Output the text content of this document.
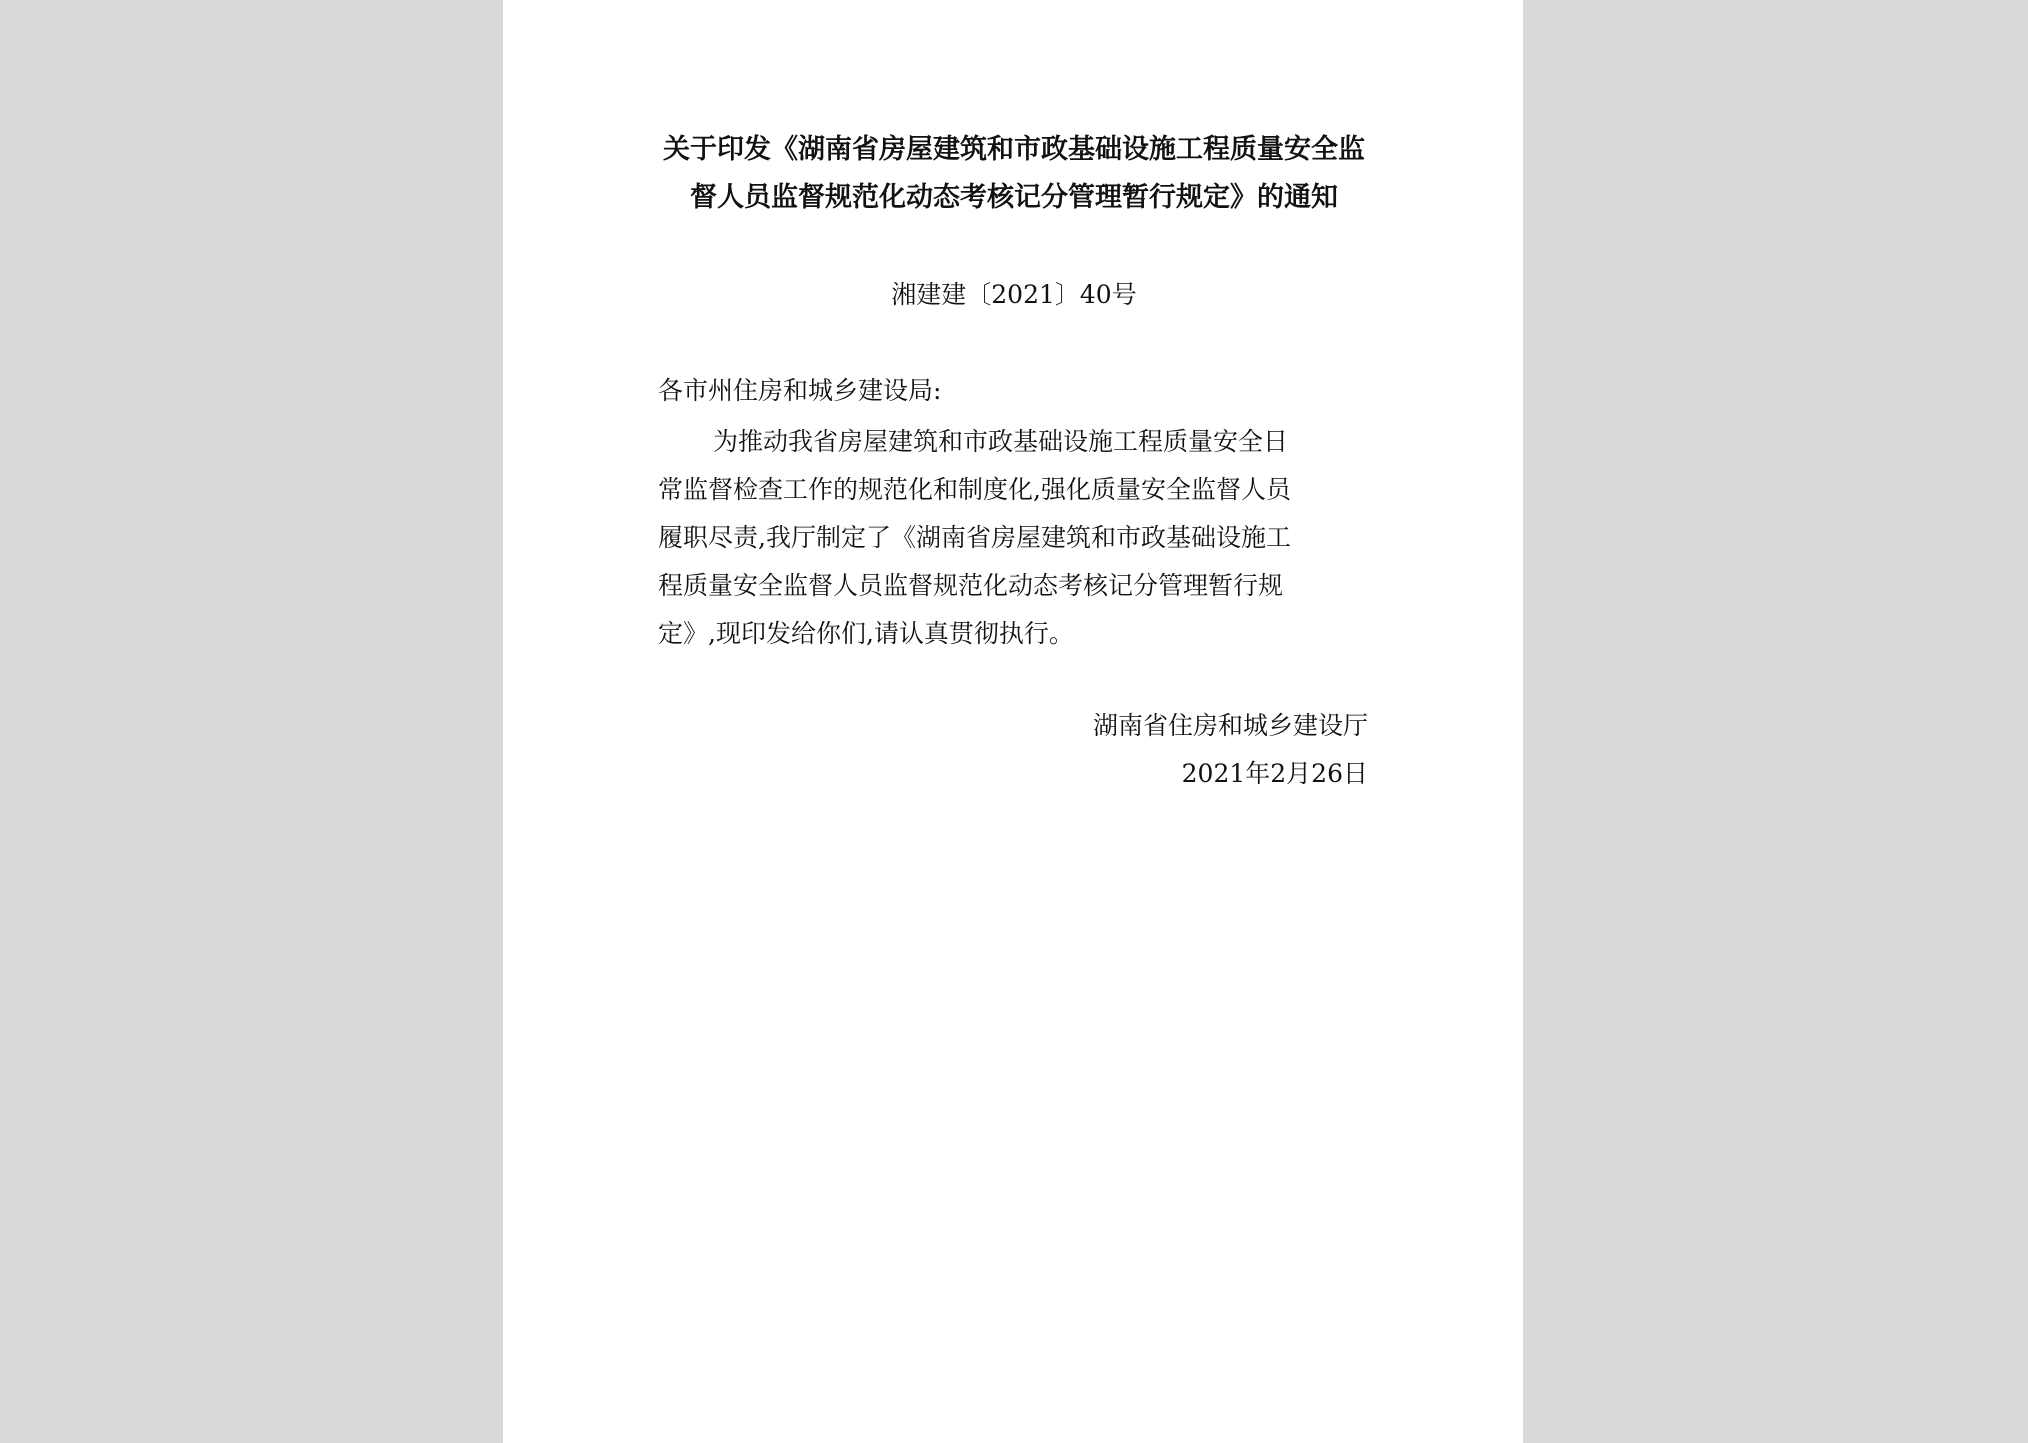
关于印发《湖南省房屋建筑和市政基础设施工程质量安全监
督人员监督规范化动态考核记分管理暂行规定》的通知
湘建建〔2021〕40号
各市州住房和城乡建设局:
为推动我省房屋建筑和市政基础设施工程质量安全日
常监督检查工作的规范化和制度化,强化质量安全监督人员
履职尽责,我厅制定了《湖南省房屋建筑和市政基础设施工
程质量安全监督人员监督规范化动态考核记分管理暂行规
定》,现印发给你们,请认真贯彻执行。
湖南省住房和城乡建设厅
2021年2月26日
